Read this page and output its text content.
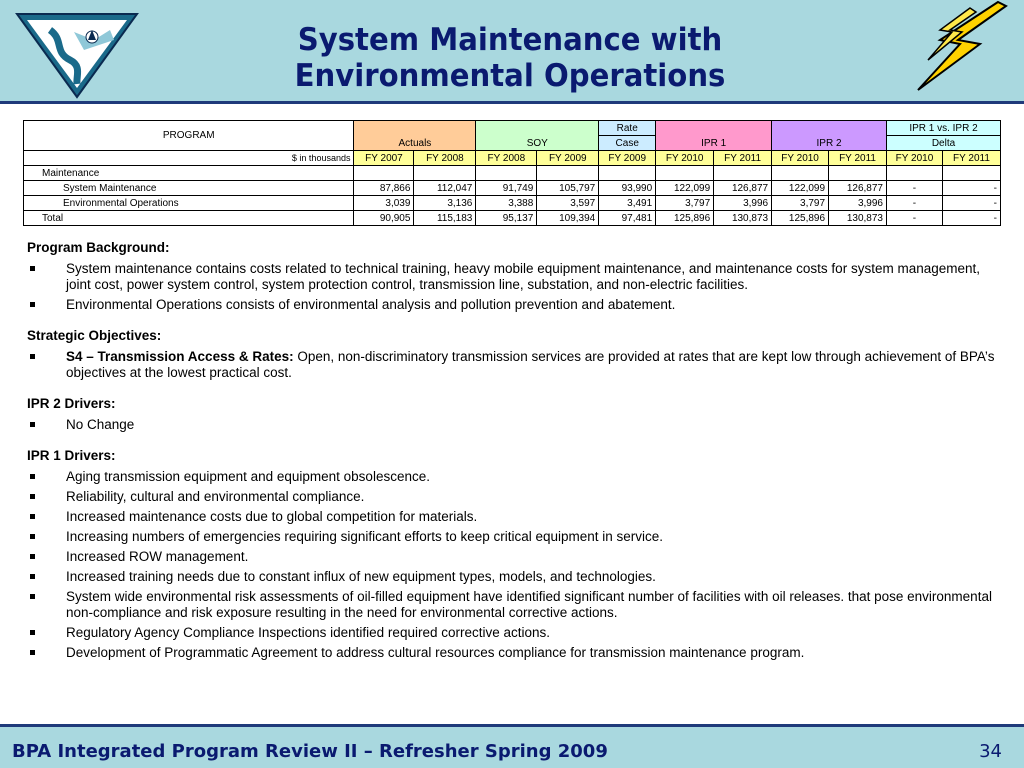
System Maintenance with
Environmental Operations
PROGRAM	Actuals		SOY		Rate	IPR 1		IPR 2		IPR 1 vs. IPR 2	
					Case					Delta	
$ in thousands	FY 2007	FY 2008	FY 2008	FY 2009	FY 2009	FY 2010	FY 2011	FY 2010	FY 2011	FY 2010	FY 2011
Maintenance											
System Maintenance	87,866	112,047	91,749	105,797	93,990	122,099	126,877	122,099	126,877	-	-
Environmental Operations	3,039	3,136	3,388	3,597	3,491	3,797	3,996	3,797	3,996	-	-
Total	90,905	115,183	95,137	109,394	97,481	125,896	130,873	125,896	130,873	-	-
Program Background:
System maintenance contains costs related to technical training, heavy mobile equipment maintenance, and maintenance costs for system management, joint cost, power system control, system protection control, transmission line, substation, and non-electric facilities.
Environmental Operations consists of environmental analysis and pollution prevention and abatement.
Strategic Objectives:
S4 – Transmission Access & Rates: Open, non-discriminatory transmission services are provided at rates that are kept low through achievement of BPA’s objectives at the lowest practical cost.
IPR 2 Drivers:
No Change
IPR 1 Drivers:
Aging transmission equipment and equipment obsolescence.
Reliability, cultural and environmental compliance.
Increased maintenance costs due to global competition for materials.
Increasing numbers of emergencies requiring significant efforts to keep critical equipment in service.
Increased ROW management.
Increased training needs due to constant influx of new equipment types, models, and technologies.
System wide environmental risk assessments of oil-filled equipment have identified significant number of facilities with oil releases. that pose environmental non-compliance and risk exposure resulting in the need for environmental corrective actions.
Regulatory Agency Compliance Inspections identified required corrective actions.
Development of Programmatic Agreement to address cultural resources compliance for transmission maintenance program.
BPA Integrated Program Review II – Refresher Spring 2009	34
